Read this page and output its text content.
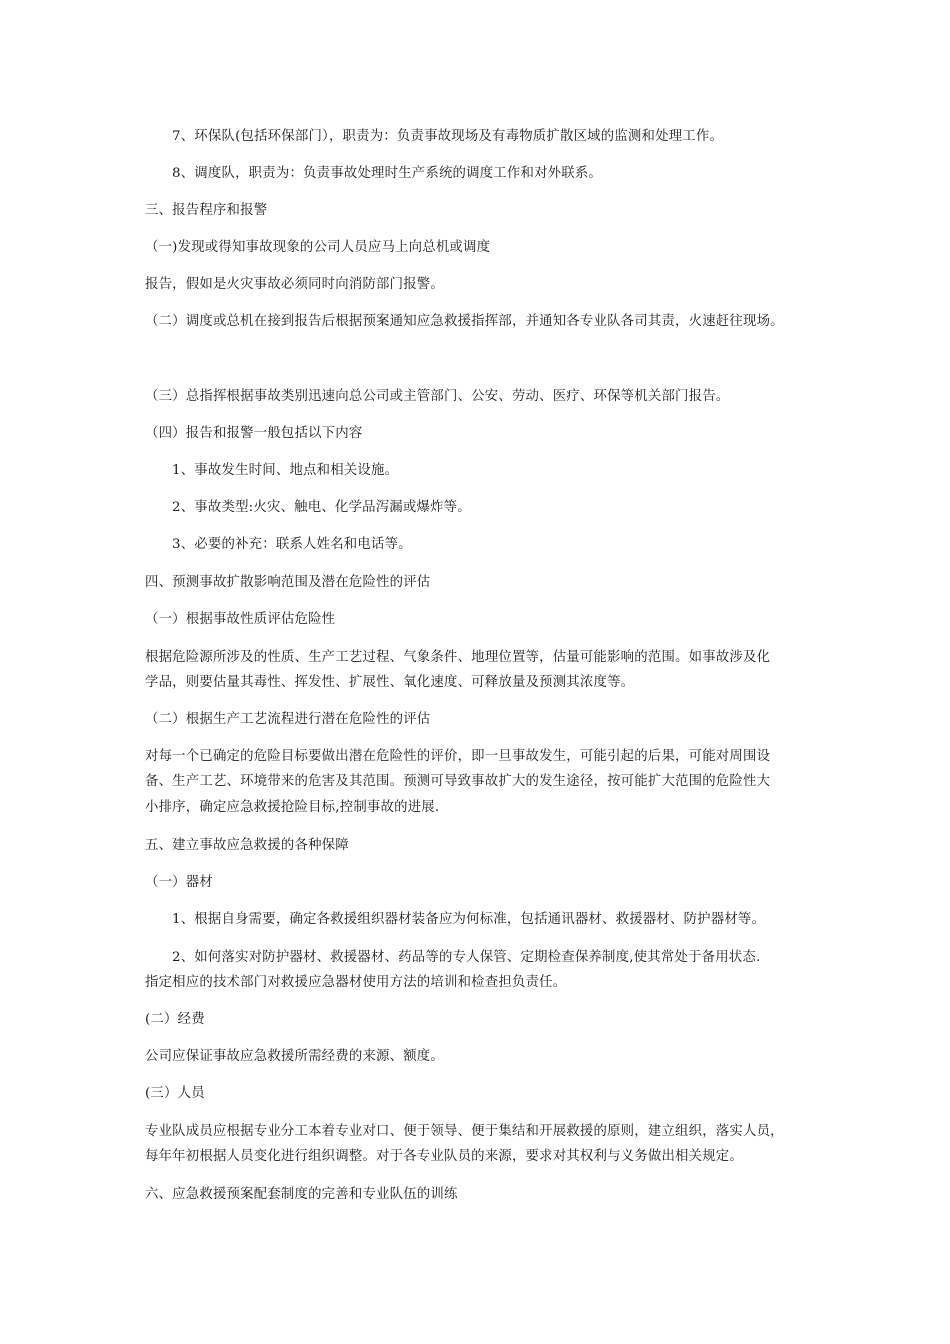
7、环保队(包括环保部门），职责为：负责事故现场及有毒物质扩散区域的监测和处理工作。
8、调度队，职责为：负责事故处理时生产系统的调度工作和对外联系。
三、报告程序和报警
（一)发现或得知事故现象的公司人员应马上向总机或调度
报告，假如是火灾事故必须同时向消防部门报警。
（二）调度或总机在接到报告后根据预案通知应急救援指挥部，并通知各专业队各司其责，火速赶往现场。
（三）总指挥根据事故类别迅速向总公司或主管部门、公安、劳动、医疗、环保等机关部门报告。
（四）报告和报警一般包括以下内容
1、事故发生时间、地点和相关设施。
2、事故类型:火灾、触电、化学品泻漏或爆炸等。
3、必要的补充：联系人姓名和电话等。
四、预测事故扩散影响范围及潜在危险性的评估
（一）根据事故性质评估危险性
根据危险源所涉及的性质、生产工艺过程、气象条件、地理位置等，估量可能影响的范围。如事故涉及化
学品，则要估量其毒性、挥发性、扩展性、氧化速度、可释放量及预测其浓度等。
（二）根据生产工艺流程进行潜在危险性的评估
对每一个已确定的危险目标要做出潜在危险性的评价，即一旦事故发生，可能引起的后果，可能对周围设
备、生产工艺、环境带来的危害及其范围。预测可导致事故扩大的发生途径，按可能扩大范围的危险性大
小排序，确定应急救援抢险目标,控制事故的进展.
五、建立事故应急救援的各种保障
（一）器材
1、根据自身需要，确定各救援组织器材装备应为何标准，包括通讯器材、救援器材、防护器材等。
2、如何落实对防护器材、救援器材、药品等的专人保管、定期检查保养制度,使其常处于备用状态.
指定相应的技术部门对救援应急器材使用方法的培训和检查担负责任。
(二）经费
公司应保证事故应急救援所需经费的来源、额度。
(三）人员
专业队成员应根据专业分工本着专业对口、便于领导、便于集结和开展救援的原则，建立组织，落实人员，
每年年初根据人员变化进行组织调整。对于各专业队员的来源，要求对其权利与义务做出相关规定。
六、应急救援预案配套制度的完善和专业队伍的训练
